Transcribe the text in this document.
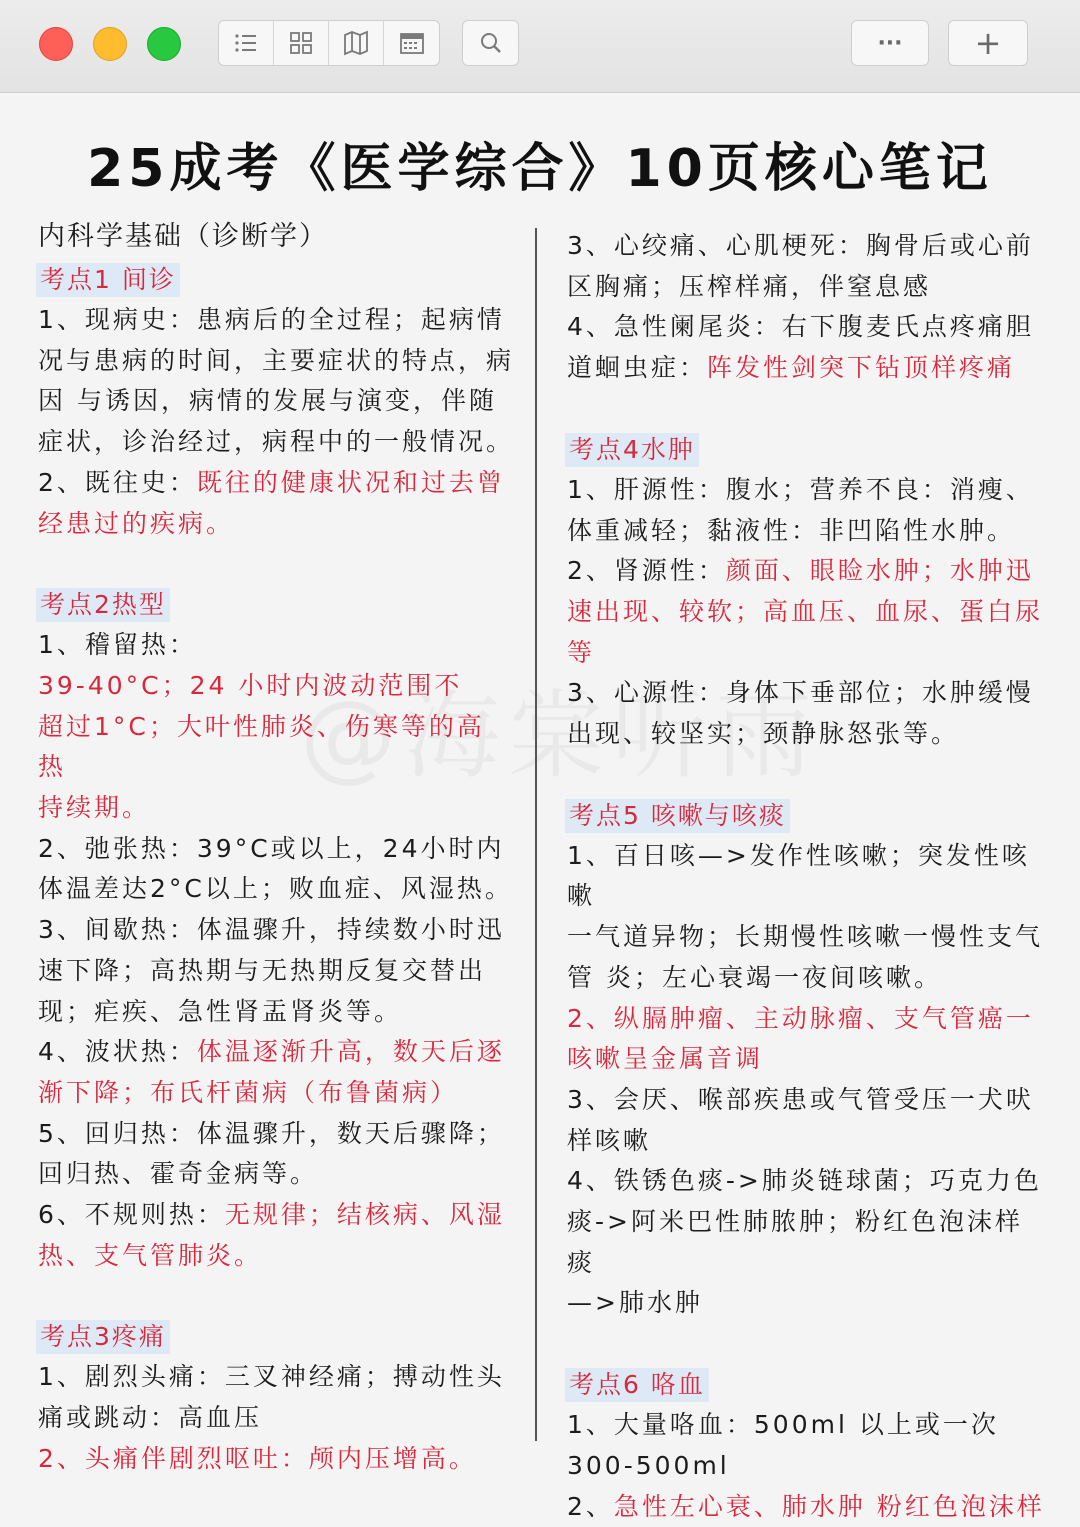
···	+
25成考《医学综合》10页核心笔记
内科学基础（诊断学）
考点1 间诊

1、现病史：患病后的全过程；起病情

况与患病的时间，主要症状的特点，病

因 与诱因，病情的发展与演变，伴随

症状，诊治经过，病程中的一般情况。

2、既往史：既往的健康状况和过去曾

经患过的疾病。

考点2热型

1、稽留热：

39-40°C；24 小时内波动范围不

超过1°C；大叶性肺炎、伤寒等的高 热

持续期。

2、弛张热：39°C或以上，24小时内

体温差达2°C以上；败血症、风湿热。

3、间歇热：体温骤升，持续数小时迅

速下降；高热期与无热期反复交替出

现；疟疾、急性肾盂肾炎等。

4、波状热：体温逐渐升高，数天后逐

渐下降；布氏杆菌病（布鲁菌病）

5、回归热：体温骤升，数天后骤降；

回归热、霍奇金病等。

6、不规则热：无规律；结核病、风湿

热、支气管肺炎。

考点3疼痛

1、剧烈头痛：三叉神经痛；搏动性头

痛或跳动：高血压

2、头痛伴剧烈呕吐：颅内压增高。

3、心绞痛、心肌梗死：胸骨后或心前

区胸痛；压榨样痛，伴窒息感

4、急性阑尾炎：右下腹麦氏点疼痛胆

道蛔虫症：阵发性剑突下钻顶样疼痛

考点4水肿

1、肝源性：腹水；营养不良：消瘦、

体重减轻；黏液性：非凹陷性水肿。

2、肾源性：颜面、眼睑水肿；水肿迅

速出现、较软；高血压、血尿、蛋白尿

等

3、心源性：身体下垂部位；水肿缓慢

出现、较坚实；颈静脉怒张等。

考点5 咳嗽与咳痰

1、百日咳—>发作性咳嗽；突发性咳嗽

一气道异物；长期慢性咳嗽一慢性支气

管 炎；左心衰竭一夜间咳嗽。

2、纵膈肿瘤、主动脉瘤、支气管癌一

咳嗽呈金属音调

3、会厌、喉部疾患或气管受压一犬吠

样咳嗽

4、铁锈色痰->肺炎链球菌；巧克力色

痰->阿米巴性肺脓肿；粉红色泡沫样痰

—>肺水肿

考点6 咯血

1、大量咯血：500ml 以上或一次

300-500ml

2、急性左心衰、肺水肿 粉红色泡沫样
